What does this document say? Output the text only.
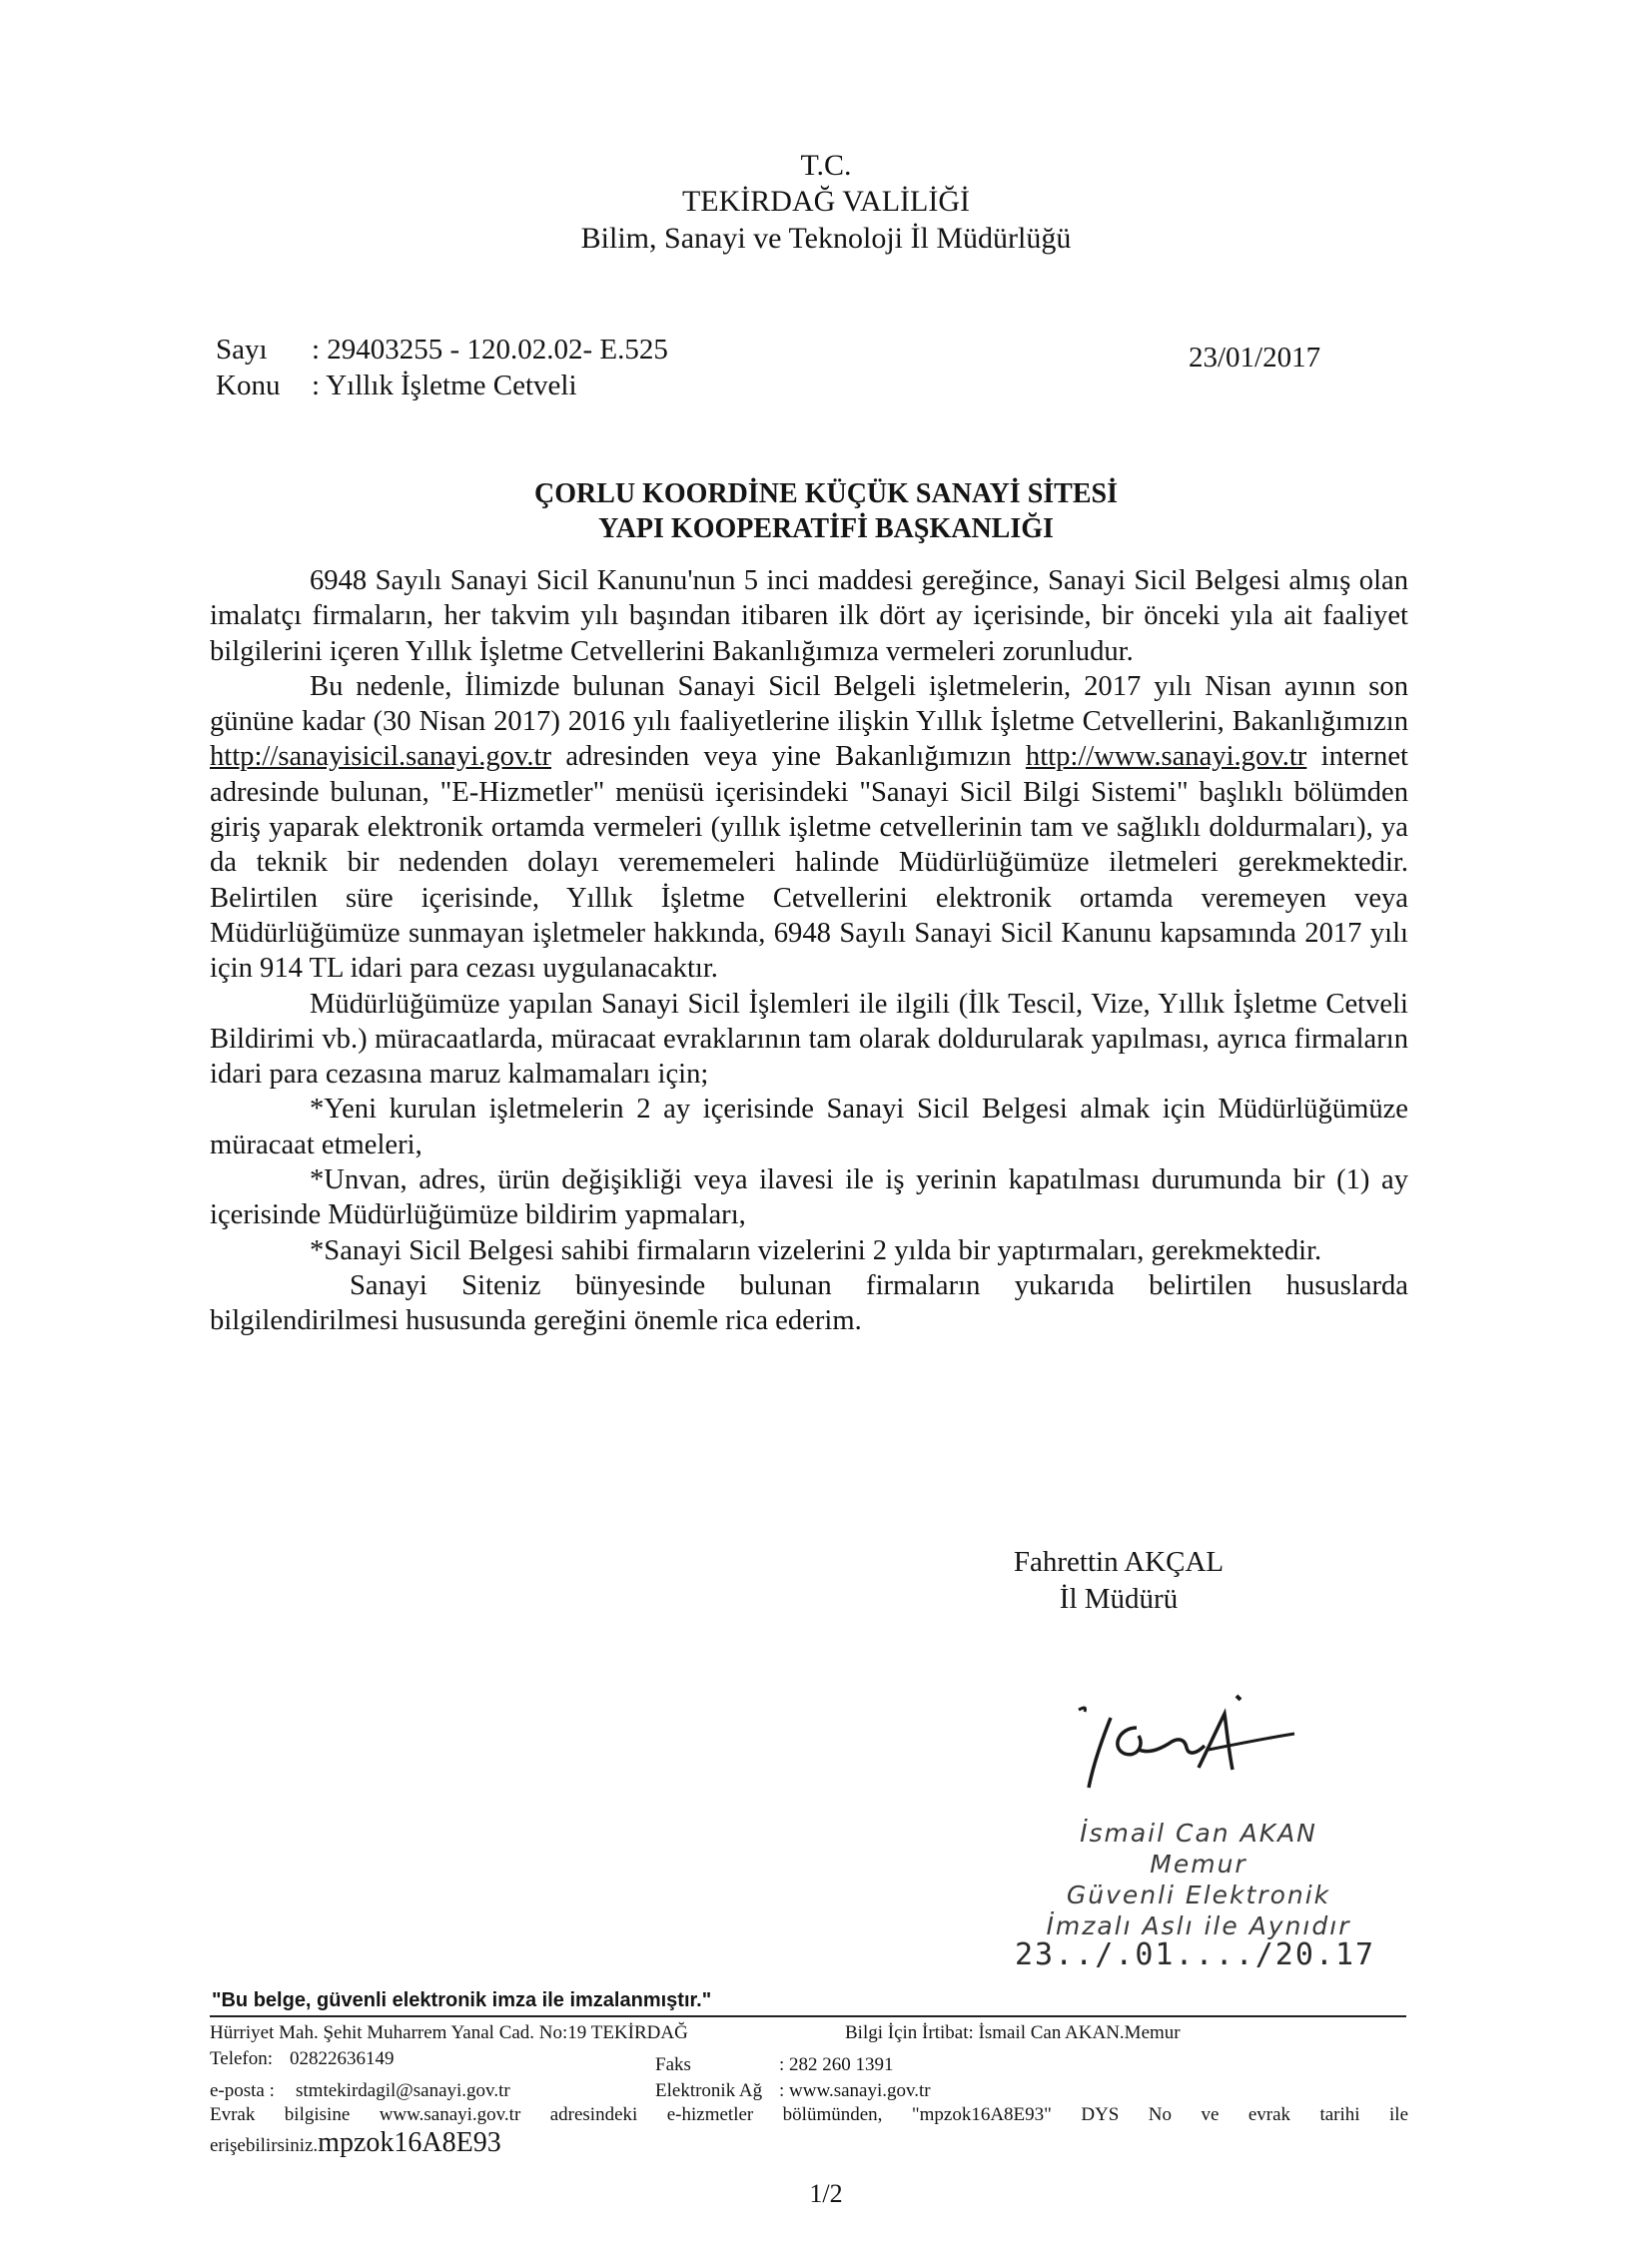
T.C.
TEKİRDAĞ VALİLİĞİ
Bilim, Sanayi ve Teknoloji İl Müdürlüğü
Sayı : 29403255 - 120.02.02- E.525
Konu : Yıllık İşletme Cetveli
23/01/2017
ÇORLU KOORDİNE KÜÇÜK SANAYİ SİTESİ
YAPI KOOPERATİFİ BAŞKANLIĞI

6948 Sayılı Sanayi Sicil Kanunu'nun 5 inci maddesi gereğince, Sanayi Sicil Belgesi almış olan imalatçı firmaların, her takvim yılı başından itibaren ilk dört ay içerisinde, bir önceki yıla ait faaliyet bilgilerini içeren Yıllık İşletme Cetvellerini Bakanlığımıza vermeleri zorunludur.

Bu nedenle, İlimizde bulunan Sanayi Sicil Belgeli işletmelerin, 2017 yılı Nisan ayının son gününe kadar (30 Nisan 2017) 2016 yılı faaliyetlerine ilişkin Yıllık İşletme Cetvellerini, Bakanlığımızın http://sanayisicil.sanayi.gov.tr adresinden veya yine Bakanlığımızın http://www.sanayi.gov.tr internet adresinde bulunan, "E-Hizmetler" menüsü içerisindeki "Sanayi Sicil Bilgi Sistemi" başlıklı bölümden giriş yaparak elektronik ortamda vermeleri (yıllık işletme cetvellerinin tam ve sağlıklı doldurmaları), ya da teknik bir nedenden dolayı verememeleri halinde Müdürlüğümüze iletmeleri gerekmektedir. Belirtilen süre içerisinde, Yıllık İşletme Cetvellerini elektronik ortamda veremeyen veya Müdürlüğümüze sunmayan işletmeler hakkında, 6948 Sayılı Sanayi Sicil Kanunu kapsamında 2017 yılı için 914 TL idari para cezası uygulanacaktır.

Müdürlüğümüze yapılan Sanayi Sicil İşlemleri ile ilgili (İlk Tescil, Vize, Yıllık İşletme Cetveli Bildirimi vb.) müracaatlarda, müracaat evraklarının tam olarak doldurularak yapılması, ayrıca firmaların idari para cezasına maruz kalmamaları için;

*Yeni kurulan işletmelerin 2 ay içerisinde Sanayi Sicil Belgesi almak için Müdürlüğümüze müracaat etmeleri,

*Unvan, adres, ürün değişikliği veya ilavesi ile iş yerinin kapatılması durumunda bir (1) ay içerisinde Müdürlüğümüze bildirim yapmaları,

*Sanayi Sicil Belgesi sahibi firmaların vizelerini 2 yılda bir yaptırmaları, gerekmektedir.

Sanayi Siteniz bünyesinde bulunan firmaların yukarıda belirtilen hususlarda bilgilendirilmesi hususunda gereğini önemle rica ederim.

Fahrettin AKÇAL
İl Müdürü
İsmail Can AKAN
Memur
Güvenli Elektronik
İmzalı Aslı ile Aynıdır
23../.01..../20.17
"Bu belge, güvenli elektronik imza ile imzalanmıştır."
Hürriyet Mah. Şehit Muharrem Yanal Cad. No:19 TEKİRDAĞ	Bilgi İçin İrtibat: İsmail Can AKAN.Memur
Telefon: 02822636149	Faks	: 282 260 1391
e-posta : stmtekirdagil@sanayi.gov.tr	Elektronik Ağ : www.sanayi.gov.tr
Evrak bilgisine www.sanayi.gov.tr adresindeki e-hizmetler bölümünden, "mpzok16A8E93" DYS No ve evrak tarihi ile
erişebilirsiniz.mpzok16A8E93
1/2
